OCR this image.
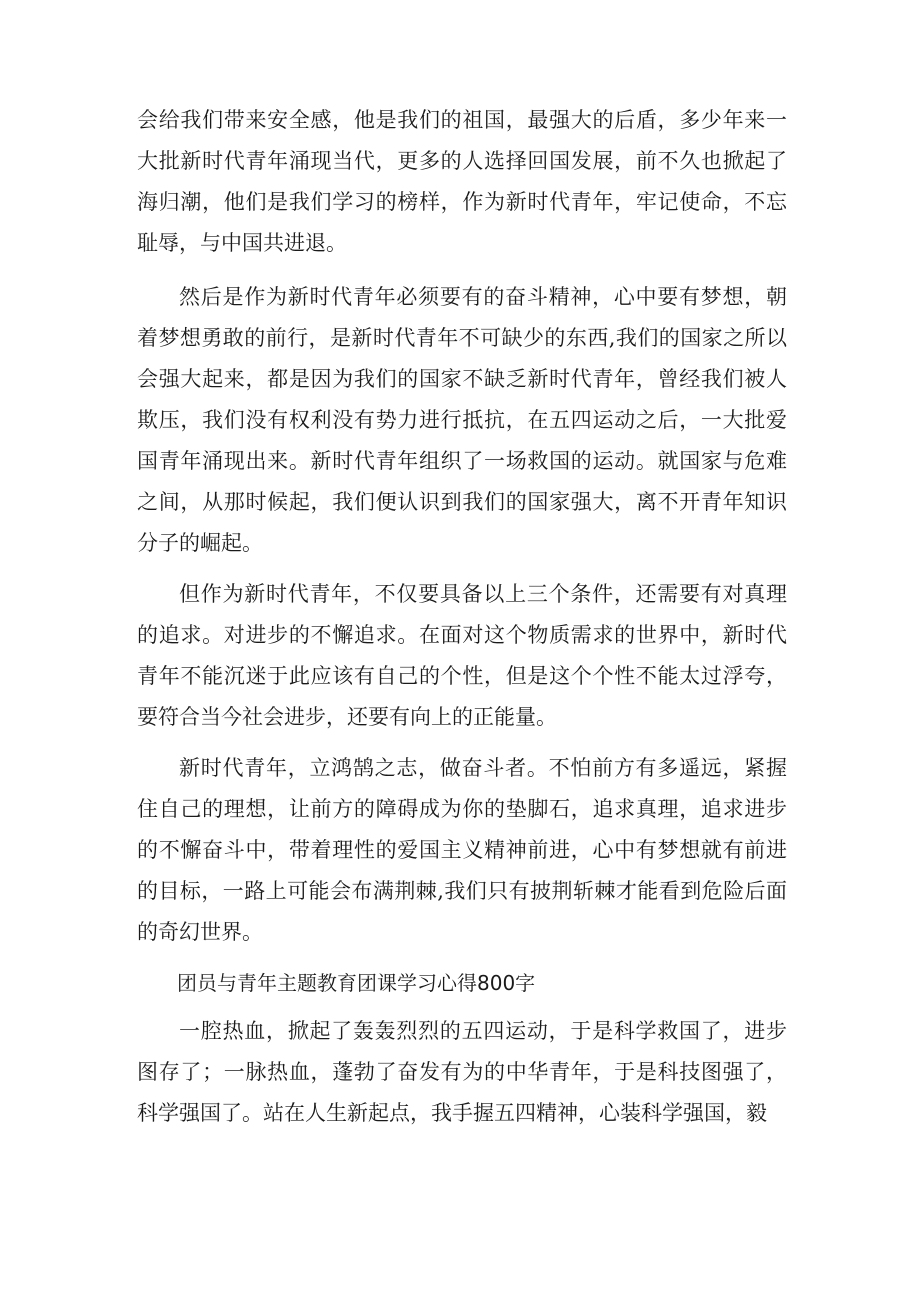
会给我们带来安全感，他是我们的祖国，最强大的后盾，多少年来一大批新时代青年涌现当代，更多的人选择回国发展，前不久也掀起了海归潮，他们是我们学习的榜样，作为新时代青年，牢记使命，不忘耻辱，与中国共进退。

然后是作为新时代青年必须要有的奋斗精神，心中要有梦想，朝着梦想勇敢的前行，是新时代青年不可缺少的东西,我们的国家之所以会强大起来，都是因为我们的国家不缺乏新时代青年，曾经我们被人欺压，我们没有权利没有势力进行抵抗，在五四运动之后，一大批爱国青年涌现出来。新时代青年组织了一场救国的运动。就国家与危难之间，从那时候起，我们便认识到我们的国家强大，离不开青年知识分子的崛起。

但作为新时代青年，不仅要具备以上三个条件，还需要有对真理的追求。对进步的不懈追求。在面对这个物质需求的世界中，新时代青年不能沉迷于此应该有自己的个性，但是这个个性不能太过浮夸，要符合当今社会进步，还要有向上的正能量。

新时代青年，立鸿鹄之志，做奋斗者。不怕前方有多遥远，紧握住自己的理想，让前方的障碍成为你的垫脚石，追求真理，追求进步的不懈奋斗中，带着理性的爱国主义精神前进，心中有梦想就有前进的目标，一路上可能会布满荆棘,我们只有披荆斩棘才能看到危险后面的奇幻世界。

团员与青年主题教育团课学习心得800字

一腔热血，掀起了轰轰烈烈的五四运动，于是科学救国了，进步图存了；一脉热血，蓬勃了奋发有为的中华青年，于是科技图强了，科学强国了。站在人生新起点，我手握五四精神，心装科学强国，毅
